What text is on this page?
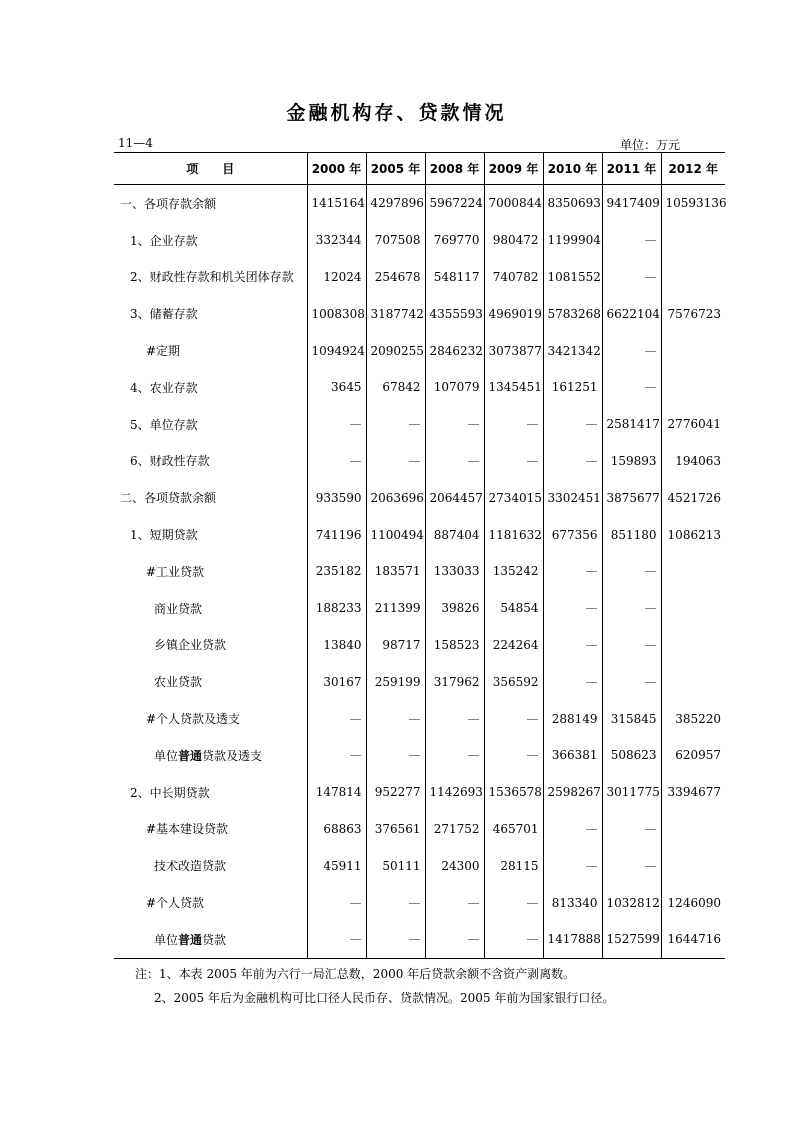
金融机构存、贷款情况
11—4	单位：万元
项　　目	2000 年	2005 年	2008 年	2009 年	2010 年	2011 年	2012 年
一、各项存款余额	1415164	4297896	5967224	7000844	8350693	9417409	10593136
1、企业存款	332344	707508	769770	980472	1199904	—	
2、财政性存款和机关团体存款	12024	254678	548117	740782	1081552	—	
3、储蓄存款	1008308	3187742	4355593	4969019	5783268	6622104	7576723
#定期	1094924	2090255	2846232	3073877	3421342	—	
4、农业存款	3645	67842	107079	1345451	161251	—	
5、单位存款	—	—	—	—	—	2581417	2776041
6、财政性存款	—	—	—	—	—	159893	194063
二、各项贷款余额	933590	2063696	2064457	2734015	3302451	3875677	4521726
1、短期贷款	741196	1100494	887404	1181632	677356	851180	1086213
#工业贷款	235182	183571	133033	135242	—	—	
商业贷款	188233	211399	39826	54854	—	—	
乡镇企业贷款	13840	98717	158523	224264	—	—	
农业贷款	30167	259199	317962	356592	—	—	
#个人贷款及透支	—	—	—	—	288149	315845	385220
单位普通贷款及透支	—	—	—	—	366381	508623	620957
2、中长期贷款	147814	952277	1142693	1536578	2598267	3011775	3394677
#基本建设贷款	68863	376561	271752	465701	—	—	
技术改造贷款	45911	50111	24300	28115	—	—	
#个人贷款	—	—	—	—	813340	1032812	1246090
单位普通贷款	—	—	—	—	1417888	1527599	1644716
注：1、本表 2005 年前为六行一局汇总数，2000 年后贷款余额不含资产剥离数。
2、2005 年后为金融机构可比口径人民币存、贷款情况。2005 年前为国家银行口径。
